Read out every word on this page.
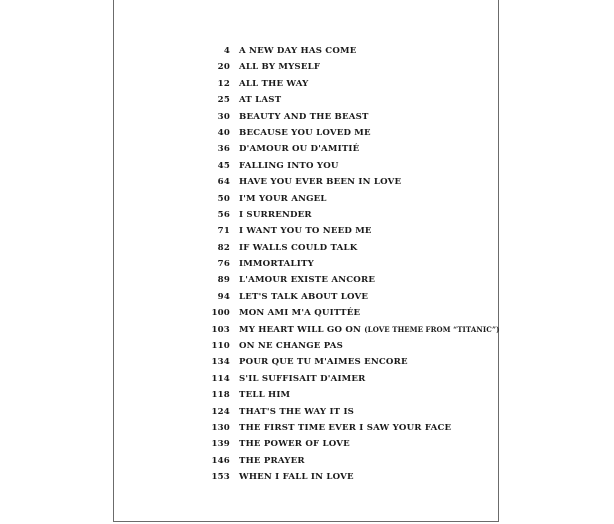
4 A NEW DAY HAS COME
20 ALL BY MYSELF
12 ALL THE WAY
25 AT LAST
30 BEAUTY AND THE BEAST
40 BECAUSE YOU LOVED ME
36 D'AMOUR OU D'AMITIÉ
45 FALLING INTO YOU
64 HAVE YOU EVER BEEN IN LOVE
50 I'M YOUR ANGEL
56 I SURRENDER
71 I WANT YOU TO NEED ME
82 IF WALLS COULD TALK
76 IMMORTALITY
89 L'AMOUR EXISTE ANCORE
94 LET'S TALK ABOUT LOVE
100 MON AMI M'A QUITTÉE
103 MY HEART WILL GO ON (LOVE THEME FROM “TITANIC”)
110 ON NE CHANGE PAS
134 POUR QUE TU M'AIMES ENCORE
114 S'IL SUFFISAIT D'AIMER
118 TELL HIM
124 THAT'S THE WAY IT IS
130 THE FIRST TIME EVER I SAW YOUR FACE
139 THE POWER OF LOVE
146 THE PRAYER
153 WHEN I FALL IN LOVE
